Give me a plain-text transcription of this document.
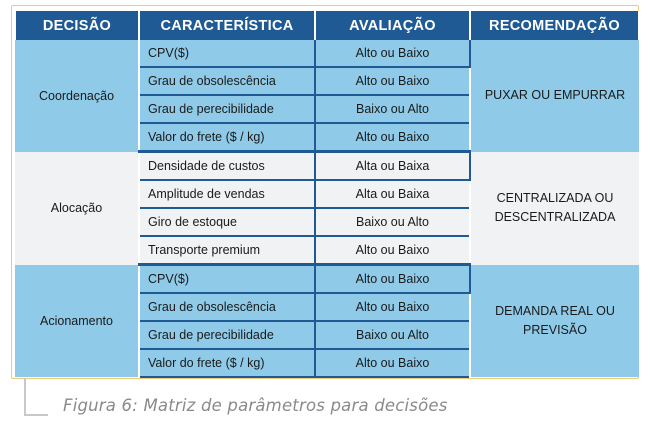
DECISÃO	CARACTERÍSTICA	AVALIAÇÃO	RECOMENDAÇÃO
Coordenação	CPV($)	Alto ou Baixo	PUXAR OU EMPURRAR

	Grau de obsolescência	Alto ou Baixo	
	Grau de perecibilidade	Baixo ou Alto	
	Valor do frete ($ / kg)	Alto ou Baixo	
Alocação	Densidade de custos	Alta ou Baixa	CENTRALIZADA OU
DESCENTRALIZADA

	Amplitude de vendas	Alta ou Baixa	
	Giro de estoque	Baixo ou Alto	
	Transporte premium	Alto ou Baixo	
Acionamento	CPV($)	Alto ou Baixo	DEMANDA REAL OU
PREVISÃO

	Grau de obsolescência	Alto ou Baixo	
	Grau de perecibilidade	Baixo ou Alto	
	Valor do frete ($ / kg)	Alto ou Baixo	
Figura 6: Matriz de parâmetros para decisões
